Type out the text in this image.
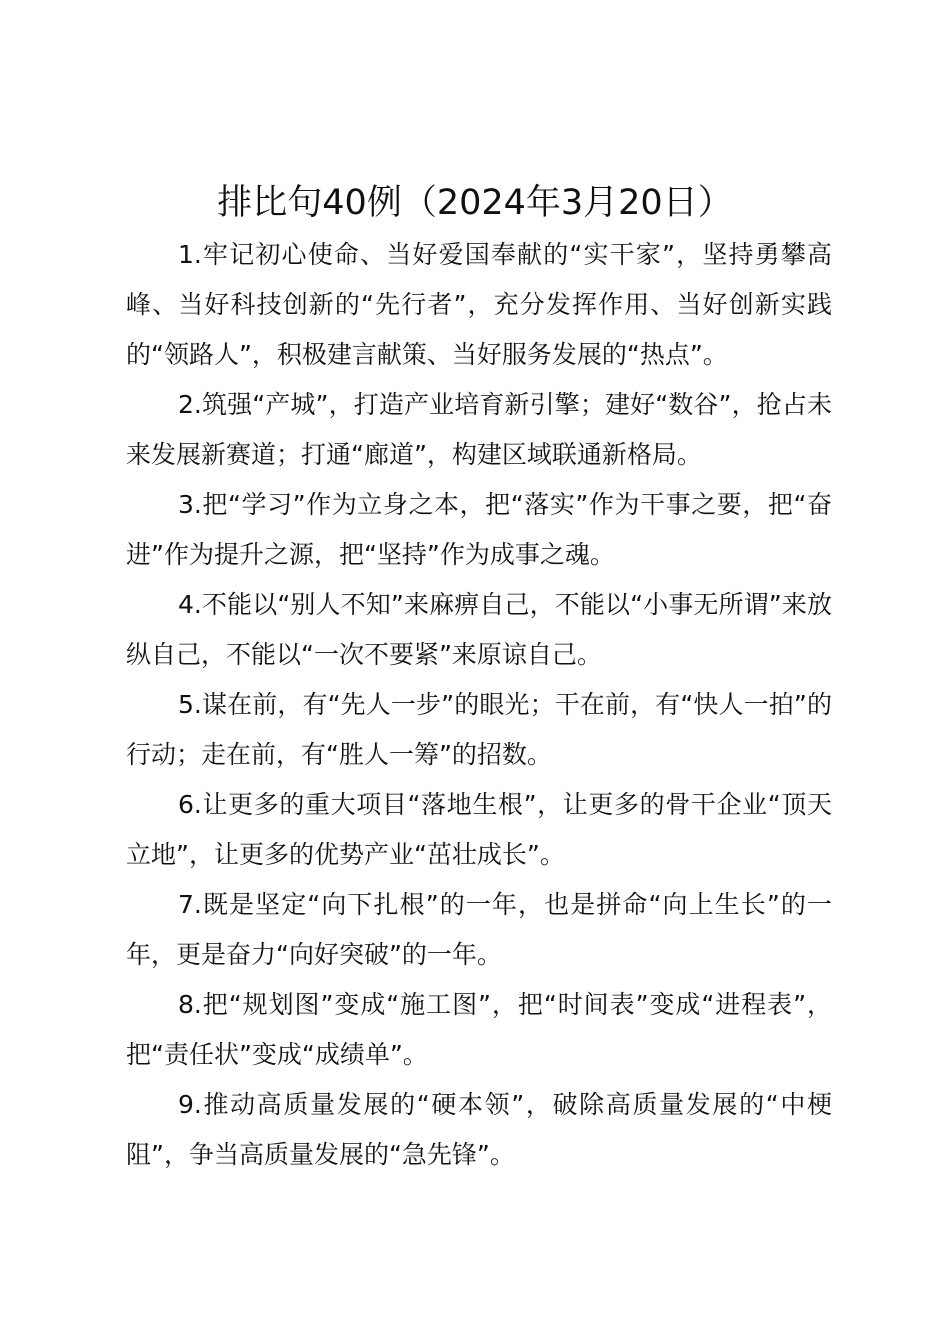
排比句40例（2024年3月20日）

1.牢记初心使命、当好爱国奉献的“实干家”，坚持勇攀高峰、当好科技创新的“先行者”，充分发挥作用、当好创新实践的“领路人”，积极建言献策、当好服务发展的“热点”。

2.筑强“产城”，打造产业培育新引擎；建好“数谷”，抢占未来发展新赛道；打通“廊道”，构建区域联通新格局。

3.把“学习”作为立身之本，把“落实”作为干事之要，把“奋进”作为提升之源，把“坚持”作为成事之魂。

4.不能以“别人不知”来麻痹自己，不能以“小事无所谓”来放纵自己，不能以“一次不要紧”来原谅自己。

5.谋在前，有“先人一步”的眼光；干在前，有“快人一拍”的行动；走在前，有“胜人一筹”的招数。

6.让更多的重大项目“落地生根”，让更多的骨干企业“顶天立地”，让更多的优势产业“茁壮成长”。

7.既是坚定“向下扎根”的一年，也是拼命“向上生长”的一年，更是奋力“向好突破”的一年。

8.把“规划图”变成“施工图”，把“时间表”变成“进程表”，把“责任状”变成“成绩单”。

9.推动高质量发展的“硬本领”，破除高质量发展的“中梗阻”，争当高质量发展的“急先锋”。
